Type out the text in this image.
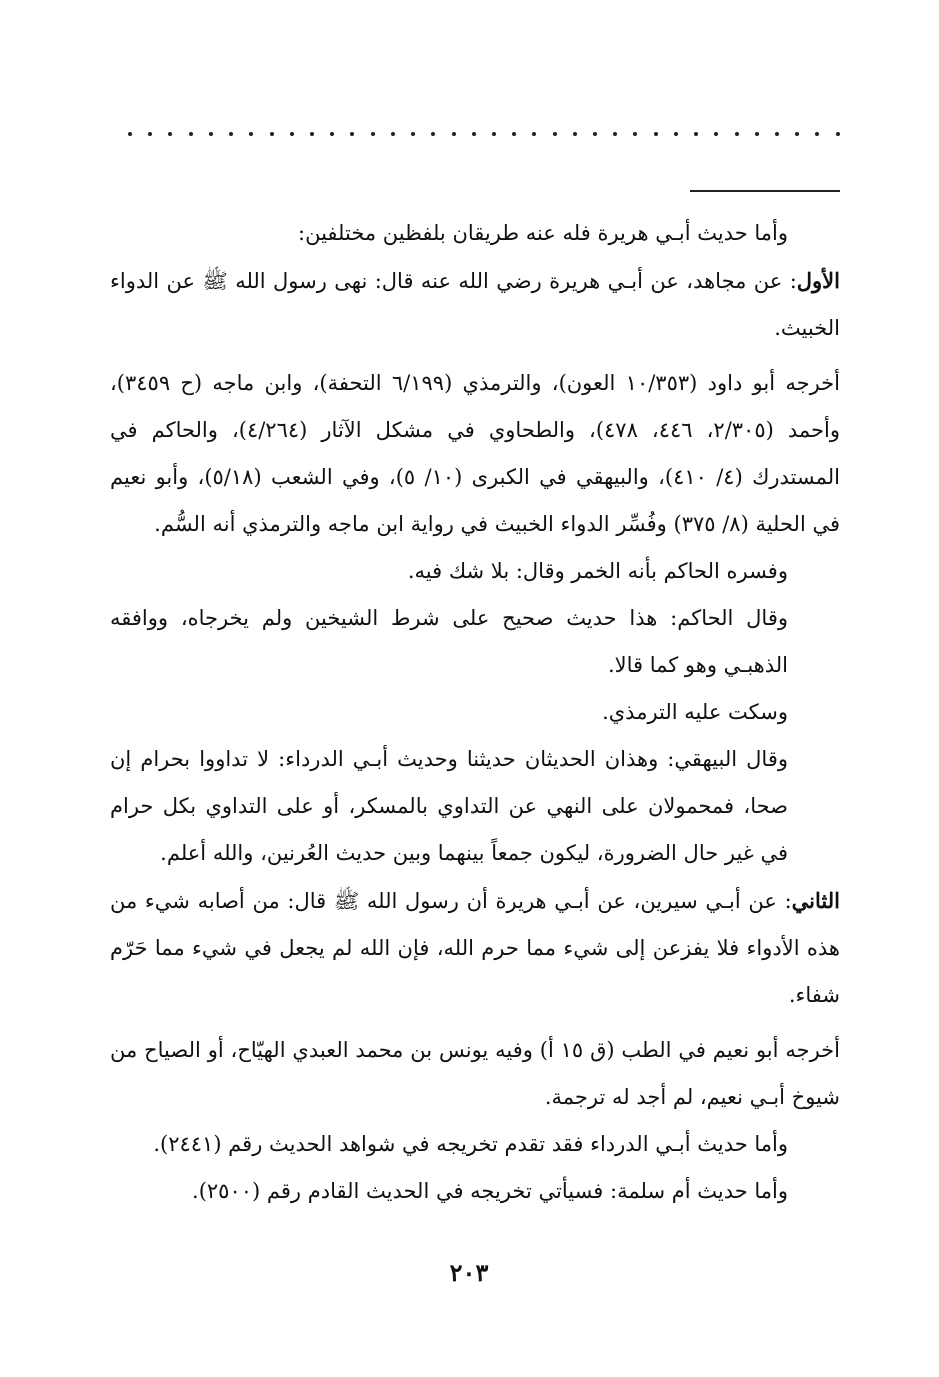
وأما حديث أبـي هريرة فله عنه طريقان بلفظين مختلفين:

الأول: عن مجاهد، عن أبـي هريرة رضي الله عنه قال: نهى رسول الله ﷺ عن الدواء الخبيث.

أخرجه أبو داود (١٠/٣٥٣ العون)، والترمذي (٦/١٩٩ التحفة)، وابن ماجه (ح ٣٤٥٩)، وأحمد (٢/٣٠٥، ٤٤٦، ٤٧٨)، والطحاوي في مشكل الآثار (٤/٢٦٤)، والحاكم في المستدرك (٤/ ٤١٠)، والبيهقي في الكبرى (١٠/ ٥)، وفي الشعب (٥/١٨)، وأبو نعيم في الحلية (٨/ ٣٧٥) وفُسِّر الدواء الخبيث في رواية ابن ماجه والترمذي أنه السُّم.

وفسره الحاكم بأنه الخمر وقال: بلا شك فيه.

وقال الحاكم: هذا حديث صحيح على شرط الشيخين ولم يخرجاه، ووافقه الذهبـي وهو كما قالا.

وسكت عليه الترمذي.

وقال البيهقي: وهذان الحديثان حديثنا وحديث أبـي الدرداء: لا تداووا بحرام إن صحا، فمحمولان على النهي عن التداوي بالمسكر، أو على التداوي بكل حرام في غير حال الضرورة، ليكون جمعاً بينهما وبين حديث العُرنين، والله أعلم.

الثاني: عن أبـي سيرين، عن أبـي هريرة أن رسول الله ﷺ قال: من أصابه شيء من هذه الأدواء فلا يفزعن إلى شيء مما حرم الله، فإن الله لم يجعل في شيء مما حَرّم شفاء.

أخرجه أبو نعيم في الطب (ق ١٥ أ) وفيه يونس بن محمد العبدي الهيّاح، أو الصياح من شيوخ أبـي نعيم، لم أجد له ترجمة.

وأما حديث أبـي الدرداء فقد تقدم تخريجه في شواهد الحديث رقم (٢٤٤١).

وأما حديث أم سلمة: فسيأتي تخريجه في الحديث القادم رقم (٢٥٠٠).

٢٠٣
